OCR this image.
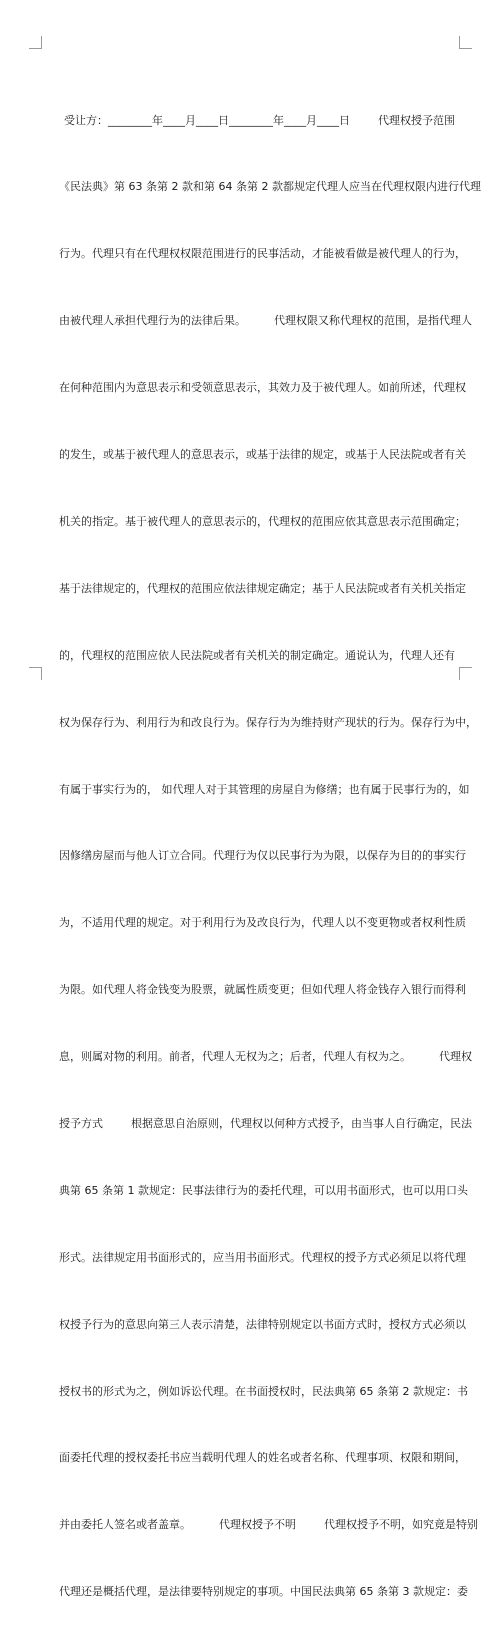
受让方：________年____月____日________年____月____日        代理权授予范围

《民法典》第 63 条第 2 款和第 64 条第 2 款都规定代理人应当在代理权限内进行代理

行为。代理只有在代理权权限范围进行的民事活动，才能被看做是被代理人的行为，

由被代理人承担代理行为的法律后果。        代理权限又称代理权的范围，是指代理人

在何种范围内为意思表示和受领意思表示，其效力及于被代理人。如前所述，代理权

的发生，或基于被代理人的意思表示，或基于法律的规定，或基于人民法院或者有关

机关的指定。基于被代理人的意思表示的，代理权的范围应依其意思表示范围确定；

基于法律规定的，代理权的范围应依法律规定确定；基于人民法院或者有关机关指定

的，代理权的范围应依人民法院或者有关机关的制定确定。通说认为，代理人还有

权为保存行为、利用行为和改良行为。保存行为为维持财产现状的行为。保存行为中，

有属于事实行为的， 如代理人对于其管理的房屋自为修缮；也有属于民事行为的，如

因修缮房屋而与他人订立合同。代理行为仅以民事行为为限，以保存为目的的事实行

为，不适用代理的规定。对于利用行为及改良行为，代理人以不变更物或者权利性质

为限。如代理人将金钱变为股票，就属性质变更；但如代理人将金钱存入银行而得利

息，则属对物的利用。前者，代理人无权为之；后者，代理人有权为之。        代理权

授予方式        根据意思自治原则，代理权以何种方式授予，由当事人自行确定，民法

典第 65 条第 1 款规定：民事法律行为的委托代理，可以用书面形式，也可以用口头

形式。法律规定用书面形式的，应当用书面形式。代理权的授予方式必须足以将代理

权授予行为的意思向第三人表示清楚，法律特别规定以书面方式时，授权方式必须以

授权书的形式为之，例如诉讼代理。在书面授权时，民法典第 65 条第 2 款规定：书

面委托代理的授权委托书应当载明代理人的姓名或者名称、代理事项、权限和期间，

并由委托人签名或者盖章。        代理权授予不明        代理权授予不明，如究竟是特别

代理还是概括代理，是法律要特别规定的事项。中国民法典第 65 条第 3 款规定：委
